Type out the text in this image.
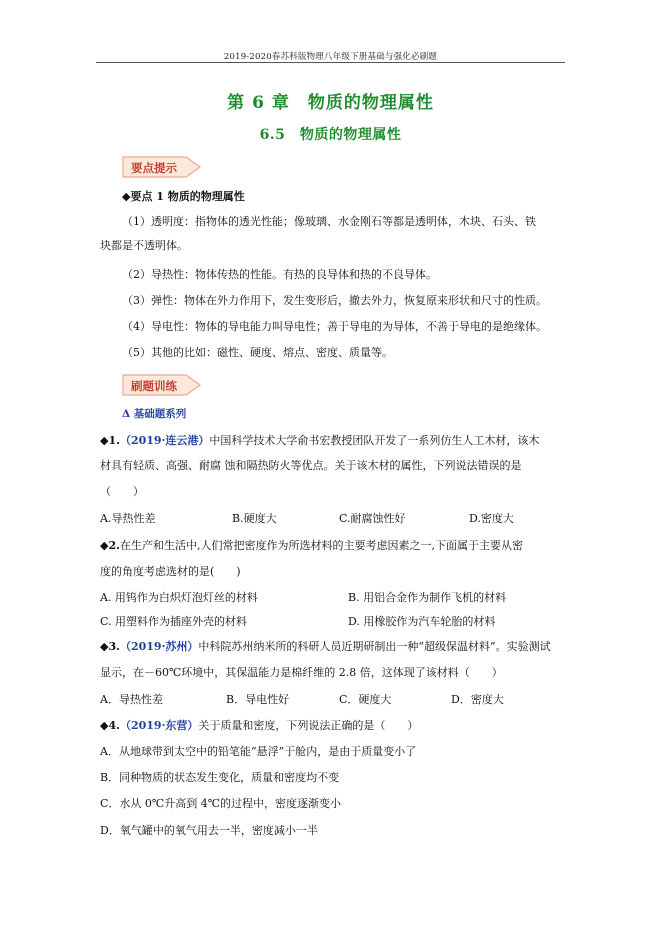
2019-2020春苏科版物理八年级下册基础与强化必刷题
第 6 章　物质的物理属性
6.5　物质的物理属性
要点提示
◆要点 1 物质的物理属性
（1）透明度：指物体的透光性能；像玻璃、水金刚石等都是透明体，木块、石头、铁
块都是不透明体。
（2）导热性：物体传热的性能。有热的良导体和热的不良导体。
（3）弹性：物体在外力作用下，发生变形后，撤去外力，恢复原来形状和尺寸的性质。
（4）导电性：物体的导电能力叫导电性；善于导电的为导体，不善于导电的是绝缘体。
（5）其他的比如：磁性、硬度、熔点、密度、质量等。
刷题训练
Δ 基础题系列
◆1.（2019·连云港）中国科学技术大学俞书宏教授团队开发了一系列仿生人工木材，该木
材具有轻质、高强、耐腐 蚀和隔热防火等优点。关于该木材的属性，下列说法错误的是
（　　）
A.导热性差	B.硬度大	C.耐腐蚀性好	D.密度大
◆2.在生产和生活中,人们常把密度作为所选材料的主要考虑因素之一,下面属于主要从密
度的角度考虑选材的是(　　)
A. 用钨作为白炽灯泡灯丝的材料	B. 用铝合金作为制作飞机的材料
C. 用塑料作为插座外壳的材料	D. 用橡胶作为汽车轮胎的材料
◆3.（2019·苏州）中科院苏州纳米所的科研人员近期研制出一种“超级保温材料”。实验测试
显示，在－60℃环境中，其保温能力是棉纤维的 2.8 倍，这体现了该材料（　　）
A．导热性差	B．导电性好	C．硬度大	D．密度大
◆4.（2019·东营）关于质量和密度，下列说法正确的是（　　）
A．从地球带到太空中的铅笔能“悬浮”于舱内，是由于质量变小了
B．同种物质的状态发生变化，质量和密度均不变
C．水从 0℃升高到 4℃的过程中，密度逐渐变小
D．氧气罐中的氧气用去一半，密度减小一半
